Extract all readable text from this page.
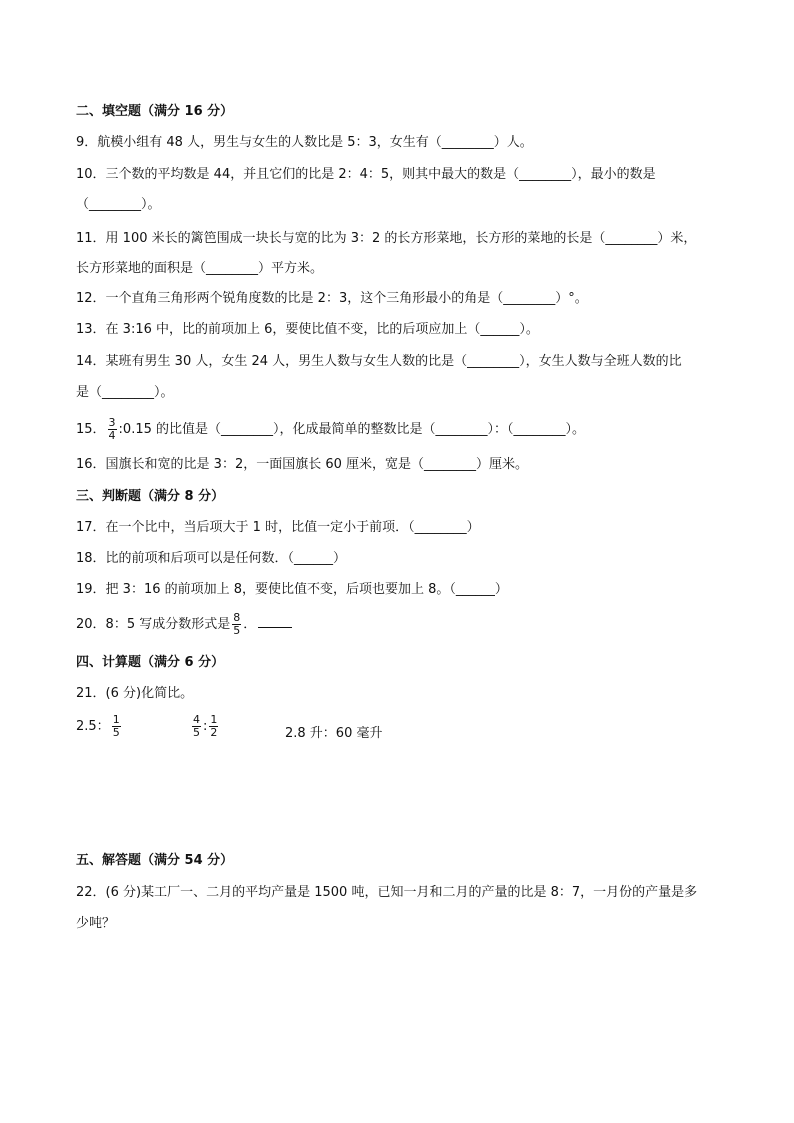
二、填空题（满分 16 分）
9．航模小组有 48 人，男生与女生的人数比是 5：3，女生有（________）人。
10．三个数的平均数是 44，并且它们的比是 2：4：5，则其中最大的数是（________），最小的数是
（________）。
11．用 100 米长的篱笆围成一块长与宽的比为 3：2 的长方形菜地，长方形的菜地的长是（________）米，
长方形菜地的面积是（________）平方米。
12．一个直角三角形两个锐角度数的比是 2：3，这个三角形最小的角是（________）°。
13．在 3:16 中，比的前项加上 6，要使比值不变，比的后项应加上（______）。
14．某班有男生 30 人，女生 24 人，男生人数与女生人数的比是（________），女生人数与全班人数的比
是（________）。
15． $\frac{3}{4}$ :0.15 的比值是（________），化成最简单的整数比是（________）：（________）。
16．国旗长和宽的比是 3：2，一面国旗长 60 厘米，宽是（________）厘米。
三、判断题（满分 8 分）
17．在一个比中，当后项大于 1 时，比值一定小于前项．（________）
18．比的前项和后项可以是任何数．（______）
19．把 3：16 的前项加上 8，要使比值不变，后项也要加上 8。（______）
20．8：5 写成分数形式是 $\frac{8}{5}$ ．
四、计算题（满分 6 分）
21．(6 分)化简比。
2.5： $\frac{1}{5}$	$\frac{4}{5}$ : $\frac{1}{2}$	2.8 升：60 毫升
五、解答题（满分 54 分）
22．(6 分)某工厂一、二月的平均产量是 1500 吨，已知一月和二月的产量的比是 8：7，一月份的产量是多
少吨？
